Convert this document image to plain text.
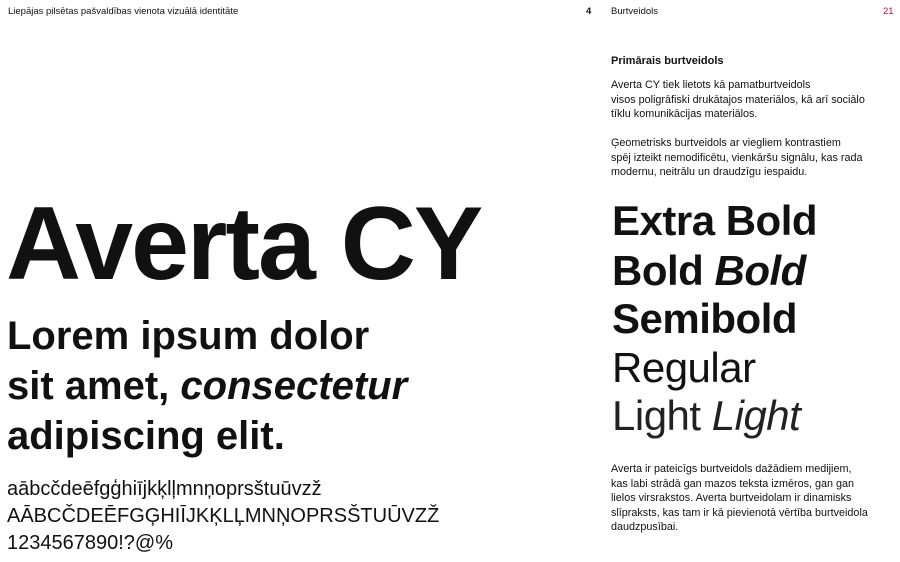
Liepājas pilsētas pašvaldības vienota vizuālā identitāte	4 Burtveidols	21
Averta CY
Lorem ipsum dolor
sit amet, consectetur
adipiscing elit.
aābcčdeēfgģhiījkķlļmnņoprsštuūvzž
AĀBCČDEĒFGĢHIĪJKĶLĻMNŅOPRSŠTUŪVZŽ
1234567890!?@%
Primārais burtveidols
Averta CY tiek lietots kā pamatburtveidols
visos poligrāfiski drukātajos materiālos, kā arī sociālo
tīklu komunikācijas materiālos.
Ģeometrisks burtveidols ar viegliem kontrastiem
spēj izteikt nemodificētu, vienkāršu signālu, kas rada
modernu, neitrālu un draudzīgu iespaidu.
Extra Bold
Bold Bold
Semibold
Regular
Light Light
Averta ir pateicīgs burtveidols dažādiem medijiem,
kas labi strādā gan mazos teksta izmēros, gan gan
lielos virsrakstos. Averta burtveidolam ir dinamisks
slīpraksts, kas tam ir kā pievienotā vērtība burtveidola
daudzpusībai.
